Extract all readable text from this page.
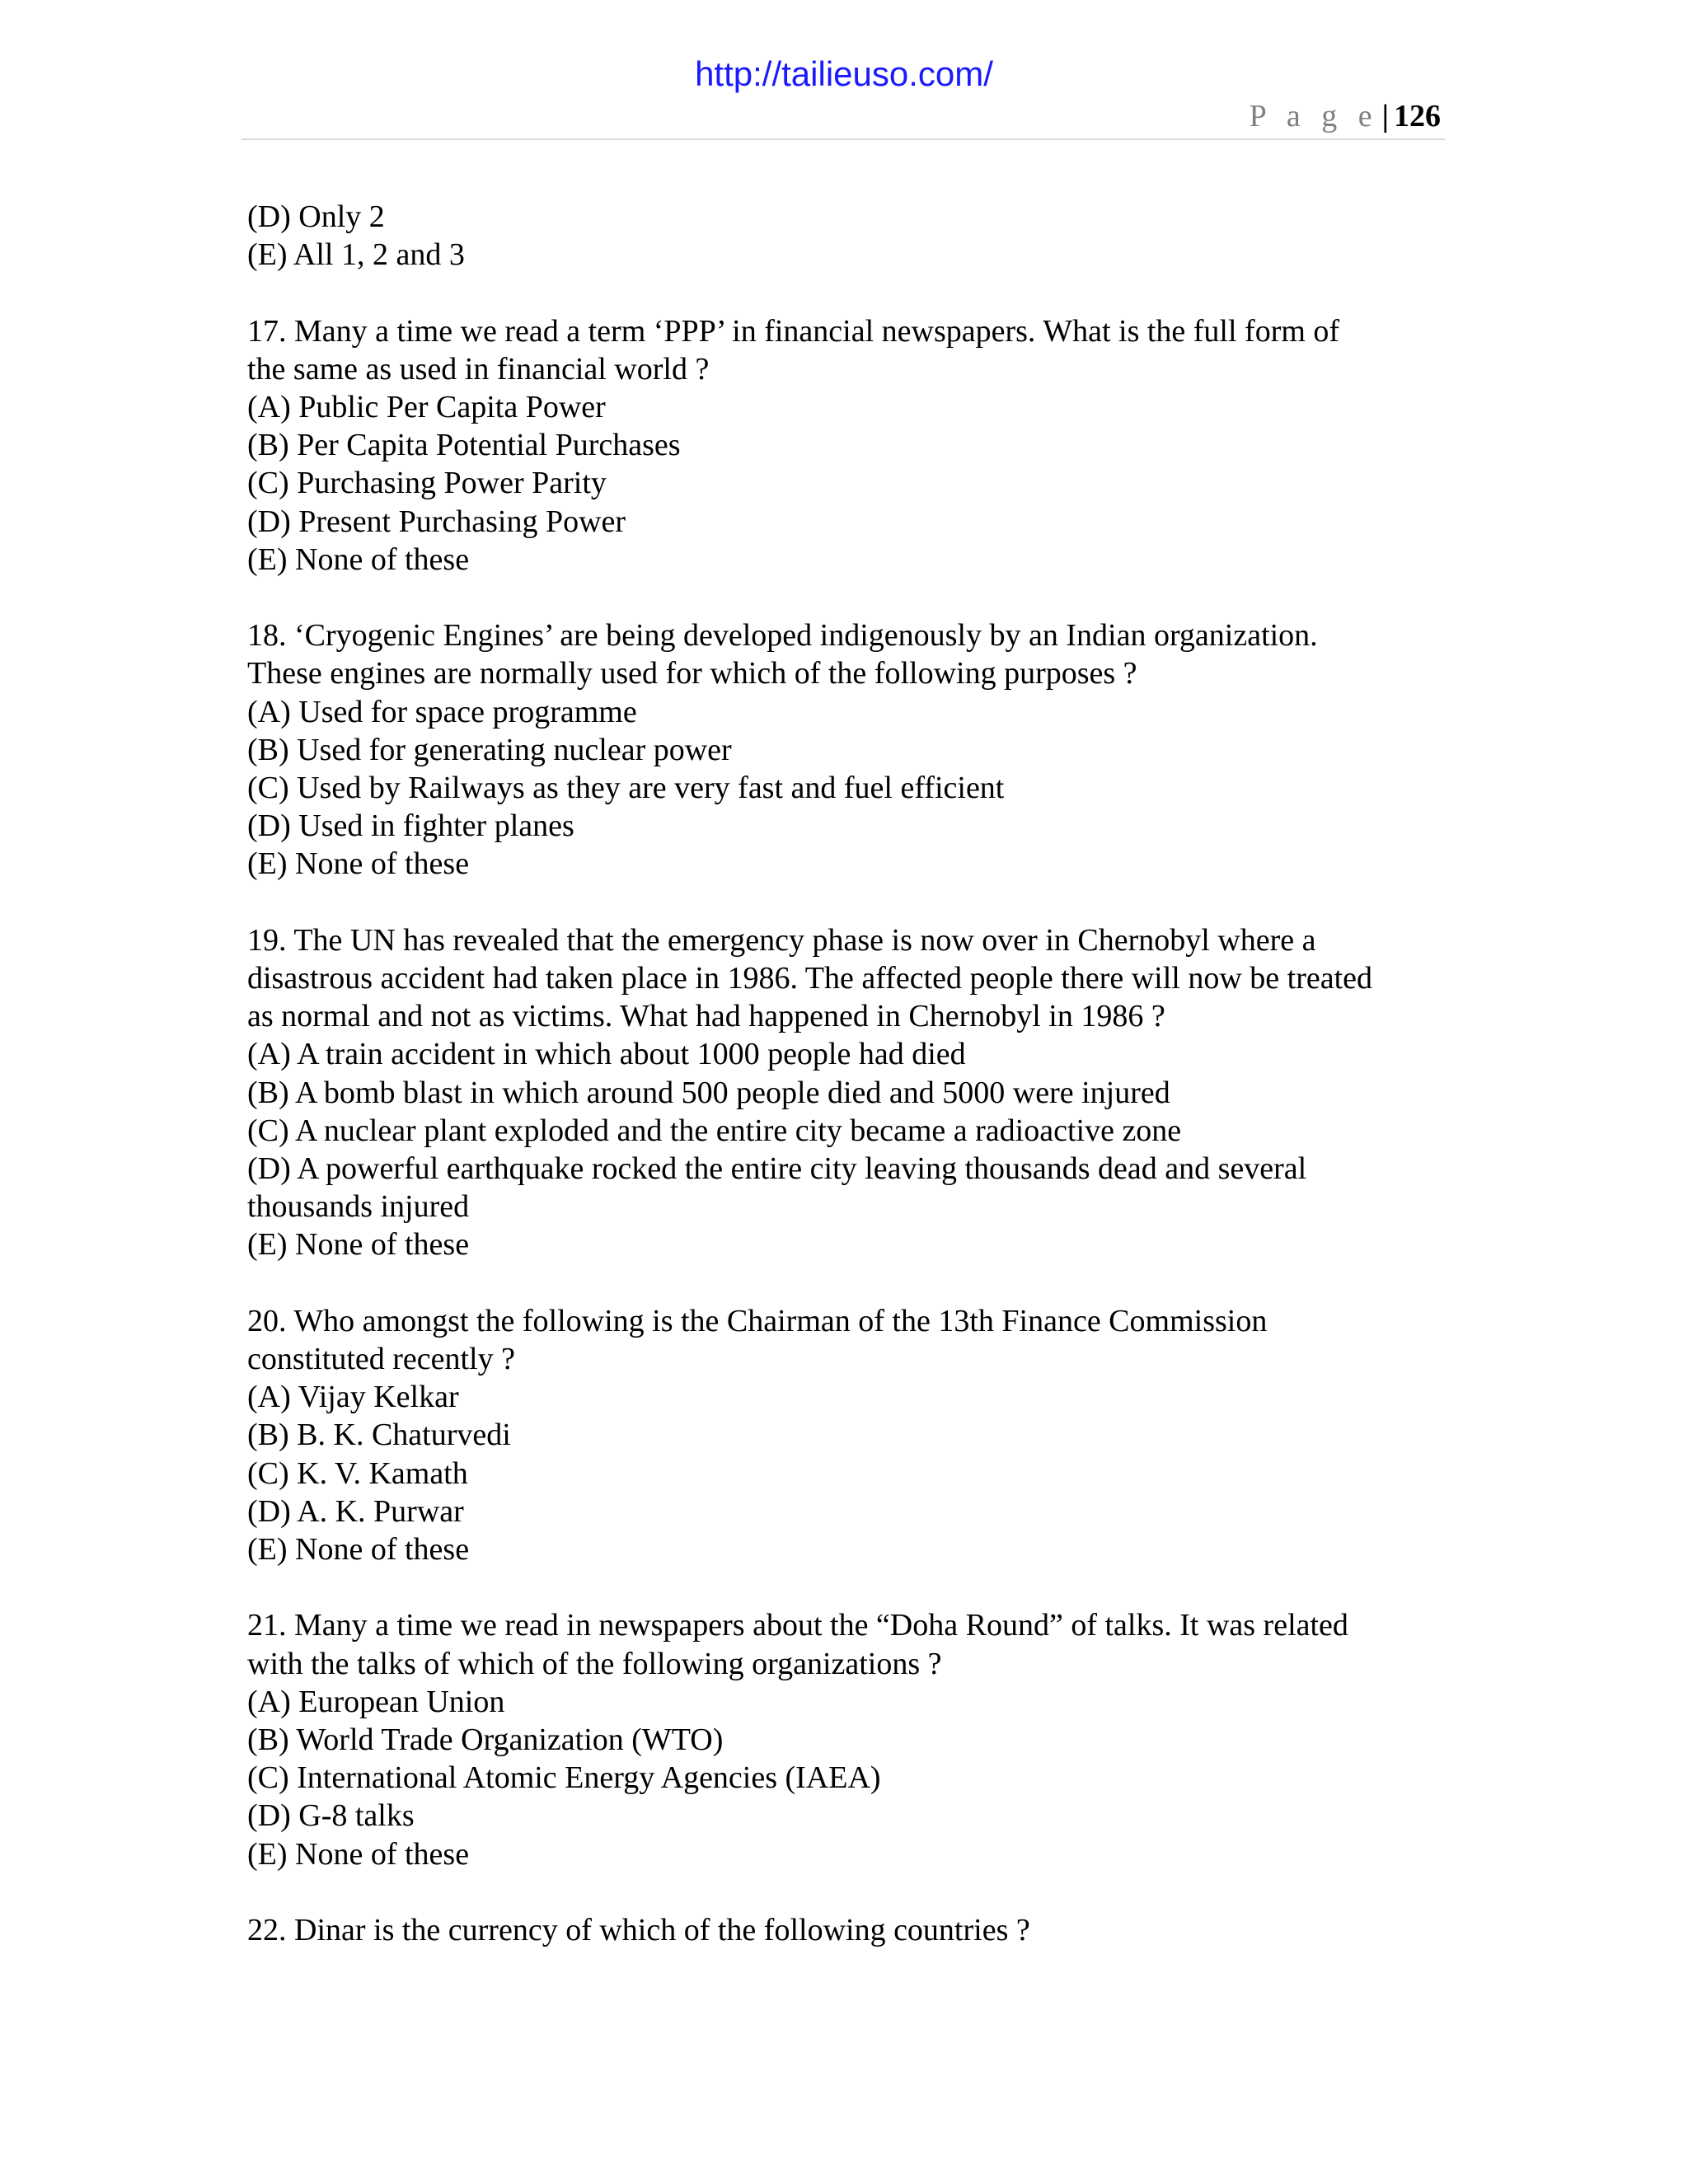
http://tailieuso.com/
P a g e | 126
(D) Only 2
(E) All 1, 2 and 3
17. Many a time we read a term ‘PPP’ in financial newspapers. What is the full form of
the same as used in financial world ?
(A) Public Per Capita Power
(B) Per Capita Potential Purchases
(C) Purchasing Power Parity
(D) Present Purchasing Power
(E) None of these
18. ‘Cryogenic Engines’ are being developed indigenously by an Indian organization.
These engines are normally used for which of the following purposes ?
(A) Used for space programme
(B) Used for generating nuclear power
(C) Used by Railways as they are very fast and fuel efficient
(D) Used in fighter planes
(E) None of these
19. The UN has revealed that the emergency phase is now over in Chernobyl where a
disastrous accident had taken place in 1986. The affected people there will now be treated
as normal and not as victims. What had happened in Chernobyl in 1986 ?
(A) A train accident in which about 1000 people had died
(B) A bomb blast in which around 500 people died and 5000 were injured
(C) A nuclear plant exploded and the entire city became a radioactive zone
(D) A powerful earthquake rocked the entire city leaving thousands dead and several
thousands injured
(E) None of these
20. Who amongst the following is the Chairman of the 13th Finance Commission
constituted recently ?
(A) Vijay Kelkar
(B) B. K. Chaturvedi
(C) K. V. Kamath
(D) A. K. Purwar
(E) None of these
21. Many a time we read in newspapers about the “Doha Round” of talks. It was related
with the talks of which of the following organizations ?
(A) European Union
(B) World Trade Organization (WTO)
(C) International Atomic Energy Agencies (IAEA)
(D) G-8 talks
(E) None of these
22. Dinar is the currency of which of the following countries ?
